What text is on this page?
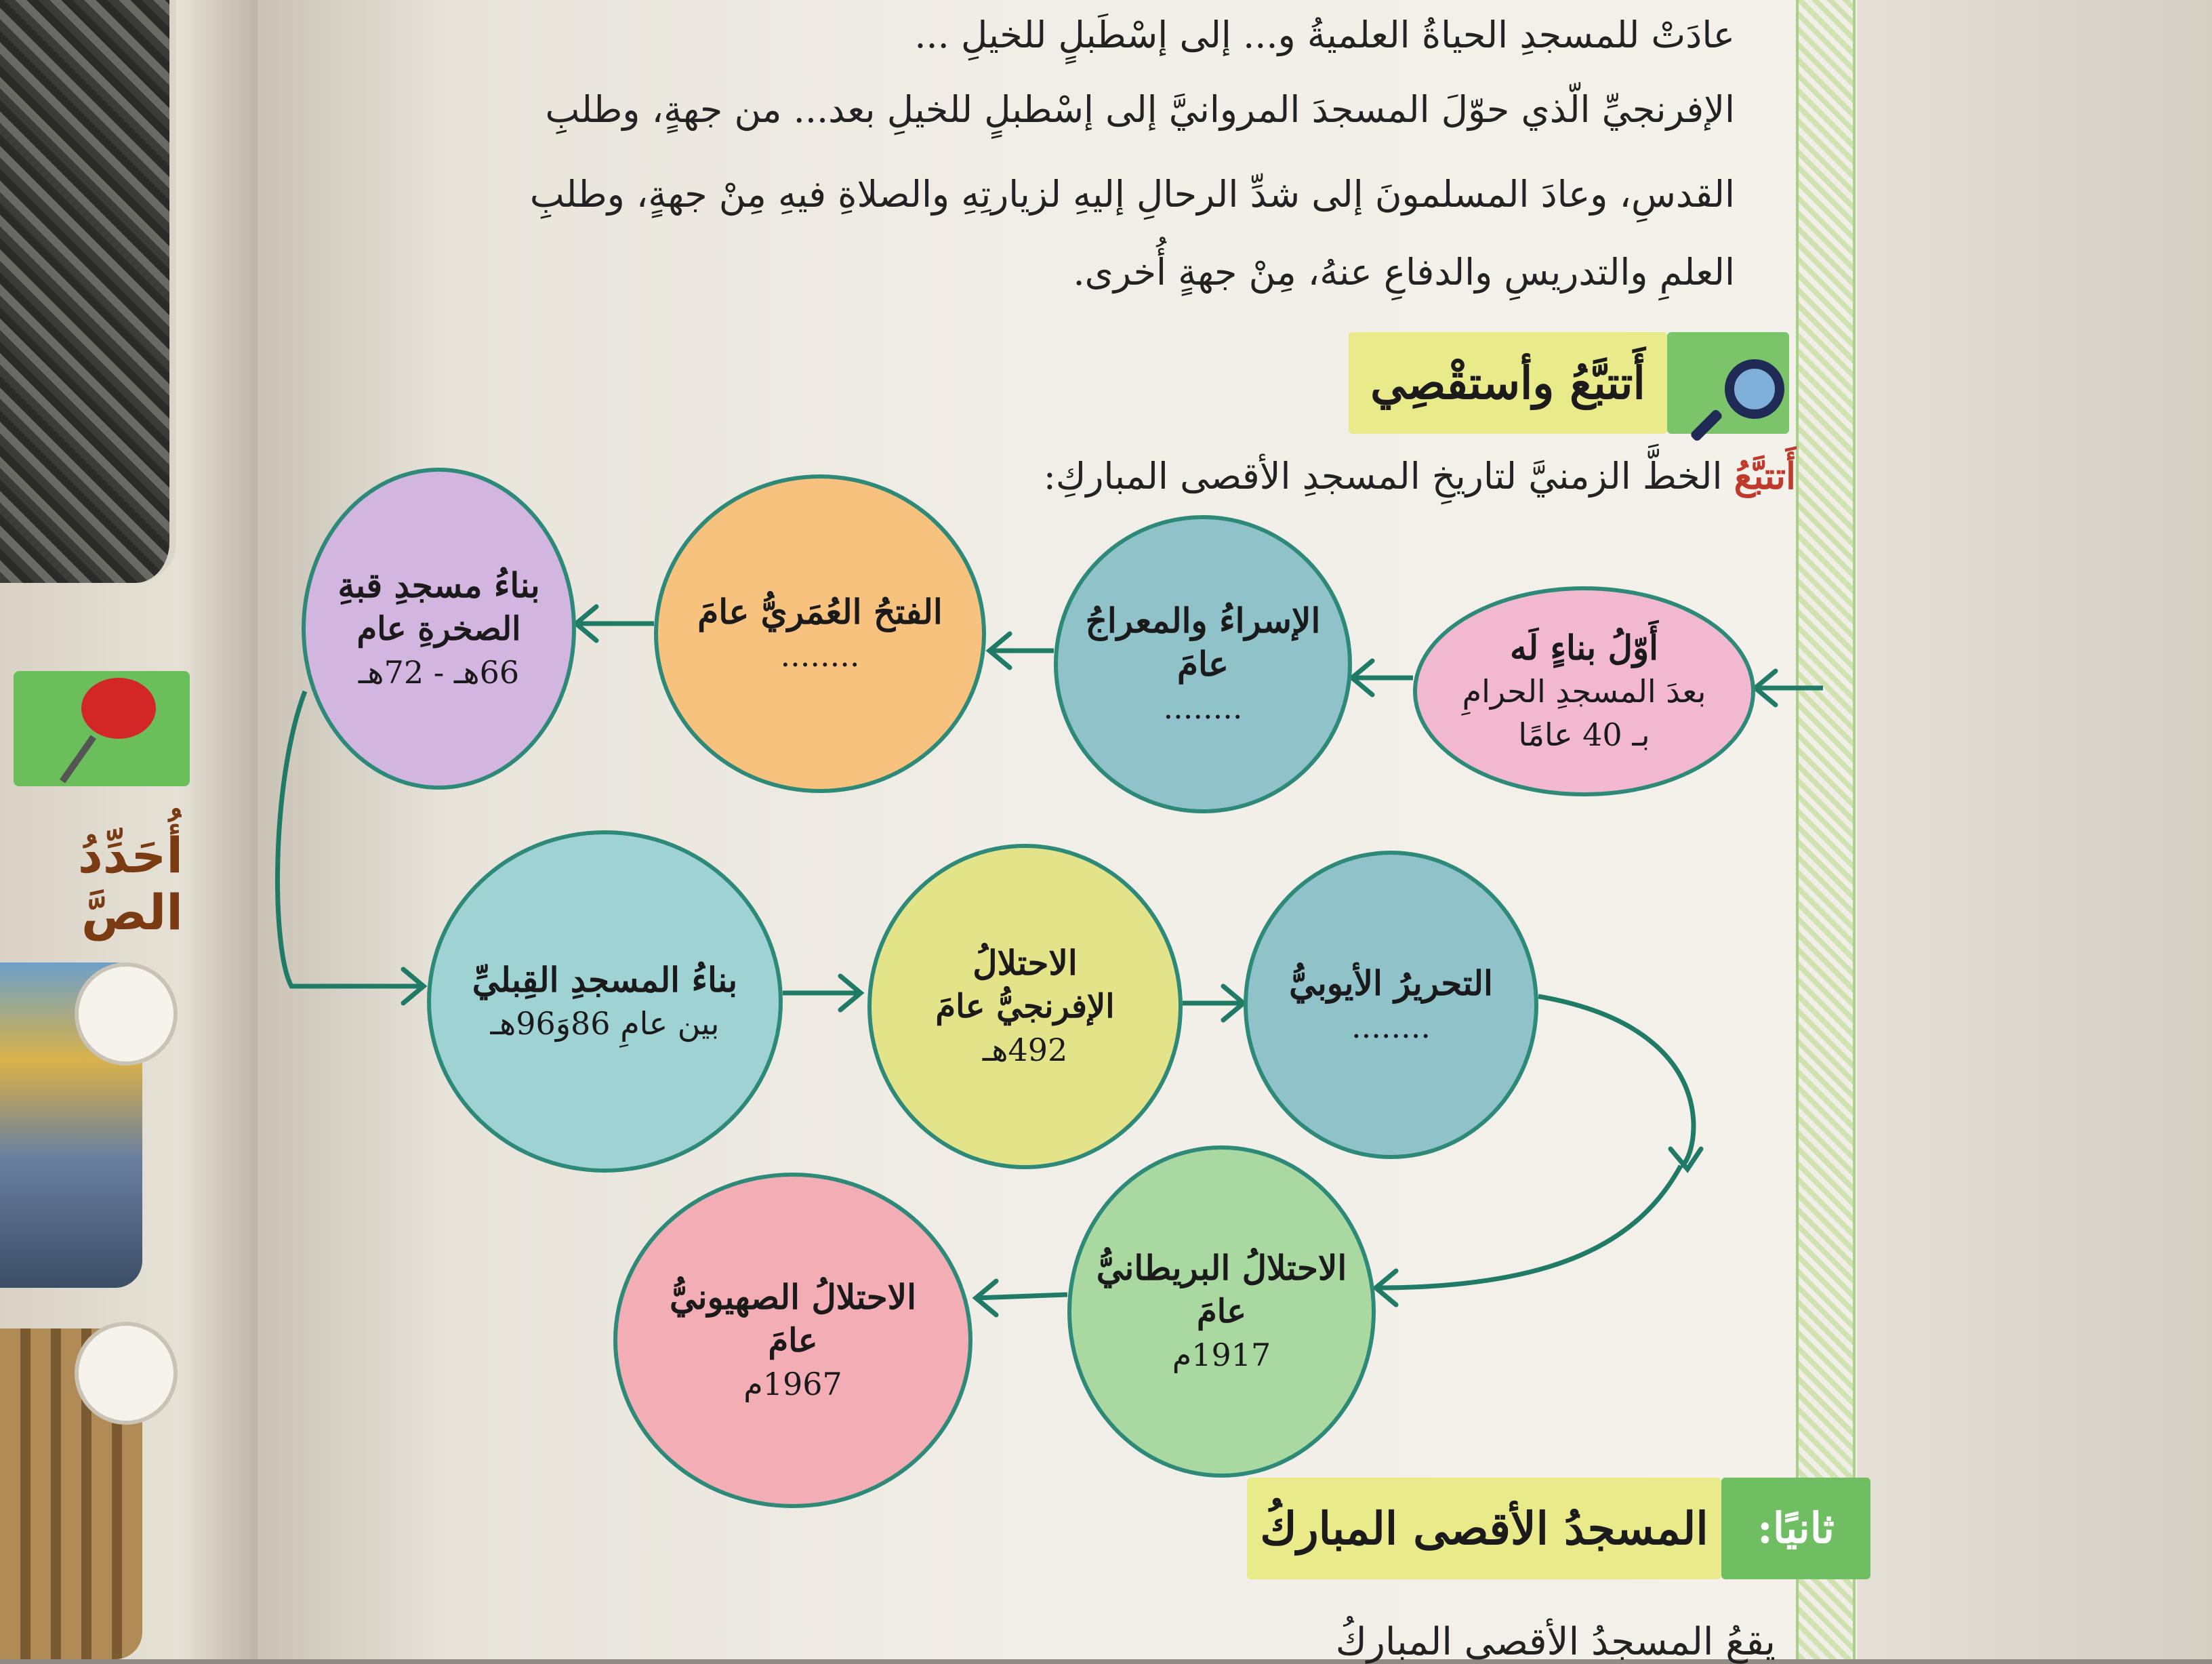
أُحَدِّدُ الصَّ
عادَتْ للمسجدِ الحياةُ العلميةُ و... إلى إسْطَبلٍ للخيلِ ...
الإفرنجيِّ الّذي حوّلَ المسجدَ المروانيَّ إلى إسْطبلٍ للخيلِ بعد... من جهةٍ، وطلبِ
القدسِ، وعادَ المسلمونَ إلى شدِّ الرحالِ إليهِ لزيارتِهِ والصلاةِ فيهِ مِنْ جهةٍ، وطلبِ
العلمِ والتدريسِ والدفاعِ عنهُ، مِنْ جهةٍ أُخرى.
أَتتبَّعُ وأستقْصِي
أَتتبَّعُ الخطَّ الزمنيَّ لتاريخِ المسجدِ الأقصى المباركِ:
أَوّلُ بناءٍ لَه
بعدَ المسجدِ الحرامِ
بـ 40 عامًا
الإسراءُ والمعراجُ عامَ
........
الفتحُ العُمَريُّ عامَ
........
بناءُ مسجدِ قبةِ
الصخرةِ عام
66هـ - 72هـ
بناءُ المسجدِ القِبليِّ
بين عامِ 86وَ96هـ
الاحتلالُ
الإفرنجيُّ عامَ
492هـ
التحريرُ الأيوبيُّ
........
الاحتلالُ البريطانيُّ
عامَ
1917م
الاحتلالُ الصهيونيُّ
عامَ
1967م
ثانيًا:
المسجدُ الأقصى المباركُ
يقعُ المسجدُ الأقصى المباركُ
